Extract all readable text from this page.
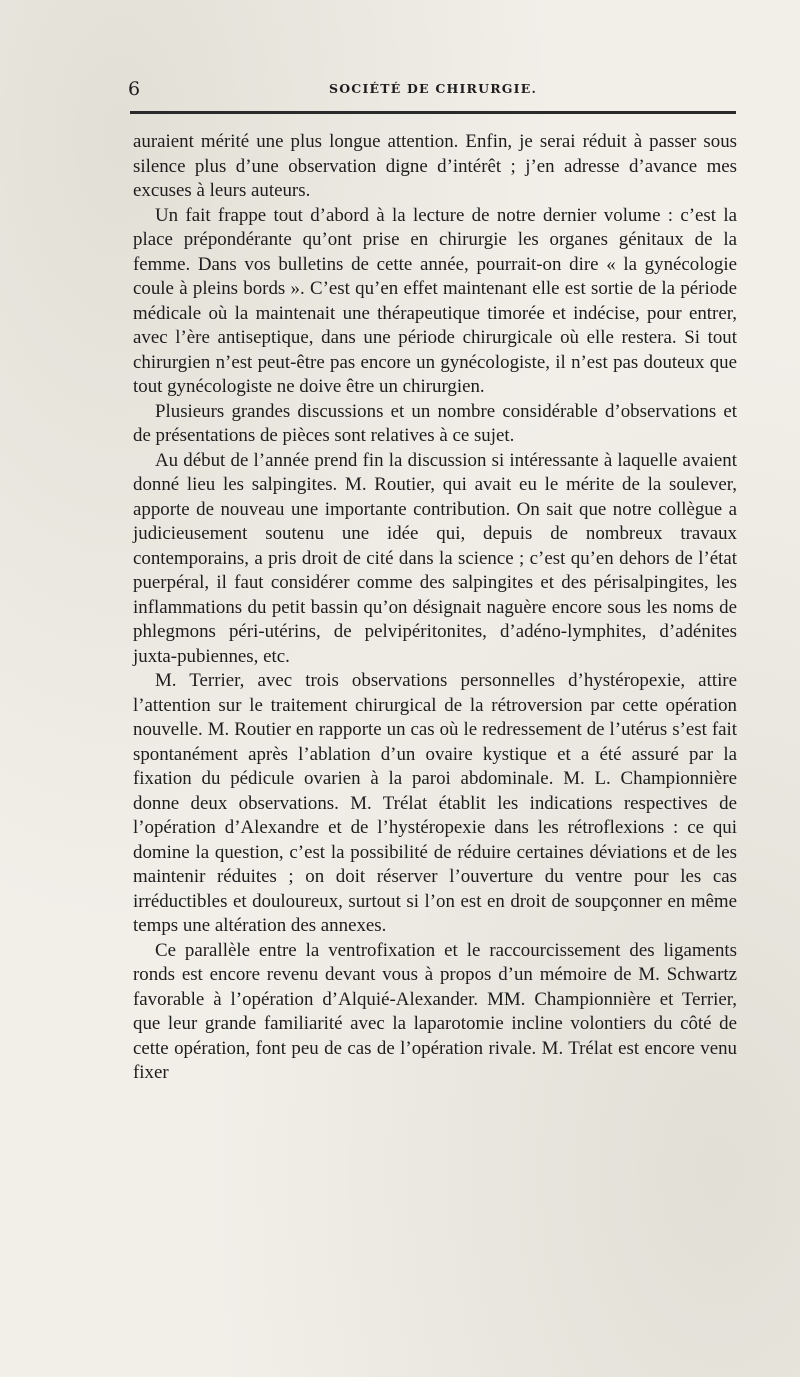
6	SOCIÉTÉ DE CHIRURGIE.

auraient mérité une plus longue attention. Enfin, je serai réduit à passer sous silence plus d’une observation digne d’intérêt ; j’en adresse d’avance mes excuses à leurs auteurs.

Un fait frappe tout d’abord à la lecture de notre dernier volume : c’est la place prépondérante qu’ont prise en chirurgie les organes génitaux de la femme. Dans vos bulletins de cette année, pourrait-on dire « la gynécologie coule à pleins bords ». C’est qu’en effet maintenant elle est sortie de la période médicale où la maintenait une thérapeutique timorée et indécise, pour entrer, avec l’ère antiseptique, dans une période chirurgicale où elle restera. Si tout chirurgien n’est peut-être pas encore un gynécologiste, il n’est pas douteux que tout gynécologiste ne doive être un chirurgien.

Plusieurs grandes discussions et un nombre considérable d’observations et de présentations de pièces sont relatives à ce sujet.

Au début de l’année prend fin la discussion si intéressante à laquelle avaient donné lieu les salpingites. M. Routier, qui avait eu le mérite de la soulever, apporte de nouveau une importante contribution. On sait que notre collègue a judicieusement soutenu une idée qui, depuis de nombreux travaux contemporains, a pris droit de cité dans la science ; c’est qu’en dehors de l’état puerpéral, il faut considérer comme des salpingites et des périsalpingites, les inflammations du petit bassin qu’on désignait naguère encore sous les noms de phlegmons péri-utérins, de pelvipéritonites, d’adéno-lymphites, d’adénites juxta-pubiennes, etc.

M. Terrier, avec trois observations personnelles d’hystéropexie, attire l’attention sur le traitement chirurgical de la rétroversion par cette opération nouvelle. M. Routier en rapporte un cas où le redressement de l’utérus s’est fait spontanément après l’ablation d’un ovaire kystique et a été assuré par la fixation du pédicule ovarien à la paroi abdominale. M. L. Championnière donne deux observations. M. Trélat établit les indications respectives de l’opération d’Alexandre et de l’hystéropexie dans les rétroflexions : ce qui domine la question, c’est la possibilité de réduire certaines déviations et de les maintenir réduites ; on doit réserver l’ouverture du ventre pour les cas irréductibles et douloureux, surtout si l’on est en droit de soupçonner en même temps une altération des annexes.

Ce parallèle entre la ventrofixation et le raccourcissement des ligaments ronds est encore revenu devant vous à propos d’un mémoire de M. Schwartz favorable à l’opération d’Alquié-Alexander. MM. Championnière et Terrier, que leur grande familiarité avec la laparotomie incline volontiers du côté de cette opération, font peu de cas de l’opération rivale. M. Trélat est encore venu fixer
